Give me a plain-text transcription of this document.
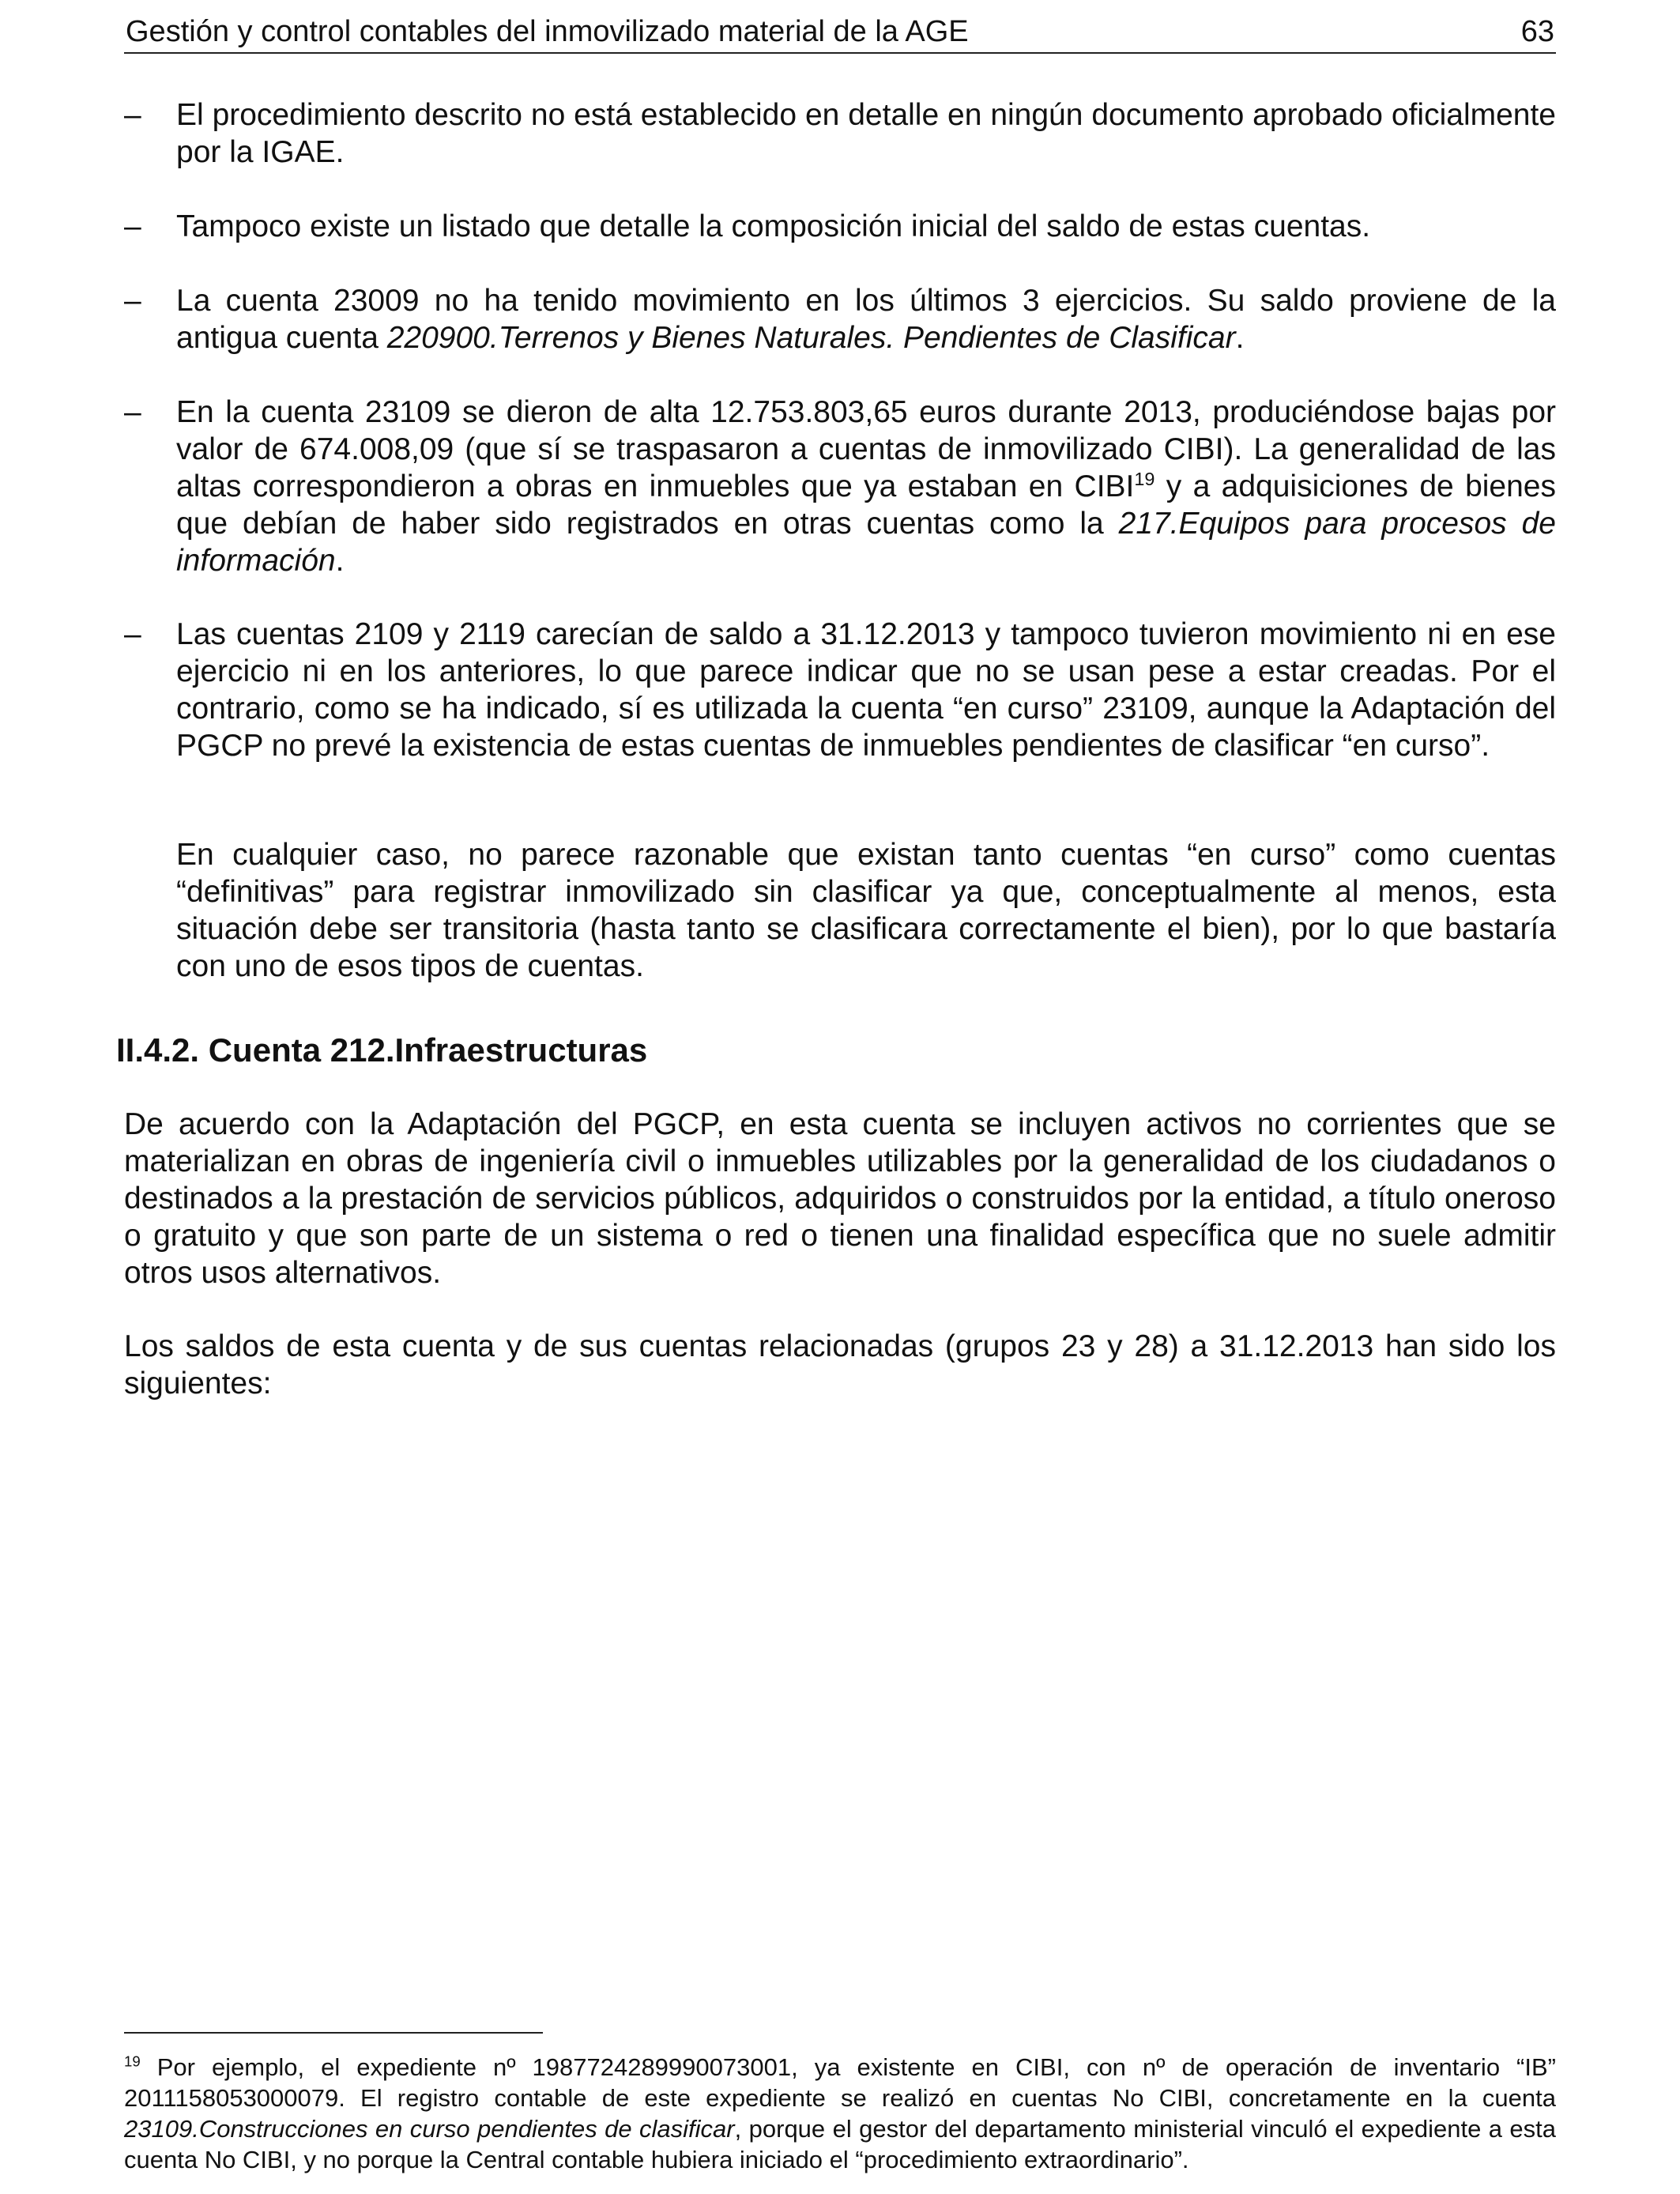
Gestión y control contables del inmovilizado material de la AGE	63
–	El procedimiento descrito no está establecido en detalle en ningún documento aprobado oficialmente por la IGAE.
–	Tampoco existe un listado que detalle la composición inicial del saldo de estas cuentas.
–	La cuenta 23009 no ha tenido movimiento en los últimos 3 ejercicios. Su saldo proviene de la antigua cuenta 220900.Terrenos y Bienes Naturales. Pendientes de Clasificar.
–	En la cuenta 23109 se dieron de alta 12.753.803,65 euros durante 2013, produciéndose bajas por valor de 674.008,09 (que sí se traspasaron a cuentas de inmovilizado CIBI). La generalidad de las altas correspondieron a obras en inmuebles que ya estaban en CIBI$^{19}$ y a adquisiciones de bienes que debían de haber sido registrados en otras cuentas como la 217.Equipos para procesos de información.
–	Las cuentas 2109 y 2119 carecían de saldo a 31.12.2013 y tampoco tuvieron movimiento ni en ese ejercicio ni en los anteriores, lo que parece indicar que no se usan pese a estar creadas. Por el contrario, como se ha indicado, sí es utilizada la cuenta “en curso” 23109, aunque la Adaptación del PGCP no prevé la existencia de estas cuentas de inmuebles pendientes de clasificar “en curso”.
En cualquier caso, no parece razonable que existan tanto cuentas “en curso” como cuentas “definitivas” para registrar inmovilizado sin clasificar ya que, conceptualmente al menos, esta situación debe ser transitoria (hasta tanto se clasificara correctamente el bien), por lo que bastaría con uno de esos tipos de cuentas.
II.4.2. Cuenta 212.Infraestructuras
De acuerdo con la Adaptación del PGCP, en esta cuenta se incluyen activos no corrientes que se materializan en obras de ingeniería civil o inmuebles utilizables por la generalidad de los ciudadanos o destinados a la prestación de servicios públicos, adquiridos o construidos por la entidad, a título oneroso o gratuito y que son parte de un sistema o red o tienen una finalidad específica que no suele admitir otros usos alternativos.
Los saldos de esta cuenta y de sus cuentas relacionadas (grupos 23 y 28) a 31.12.2013 han sido los siguientes:
$^{19}$ Por ejemplo, el expediente nº 1987724289990073001, ya existente en CIBI, con nº de operación de inventario “IB” 2011158053000079. El registro contable de este expediente se realizó en cuentas No CIBI, concretamente en la cuenta 23109.Construcciones en curso pendientes de clasificar, porque el gestor del departamento ministerial vinculó el expediente a esta cuenta No CIBI, y no porque la Central contable hubiera iniciado el “procedimiento extraordinario”.
